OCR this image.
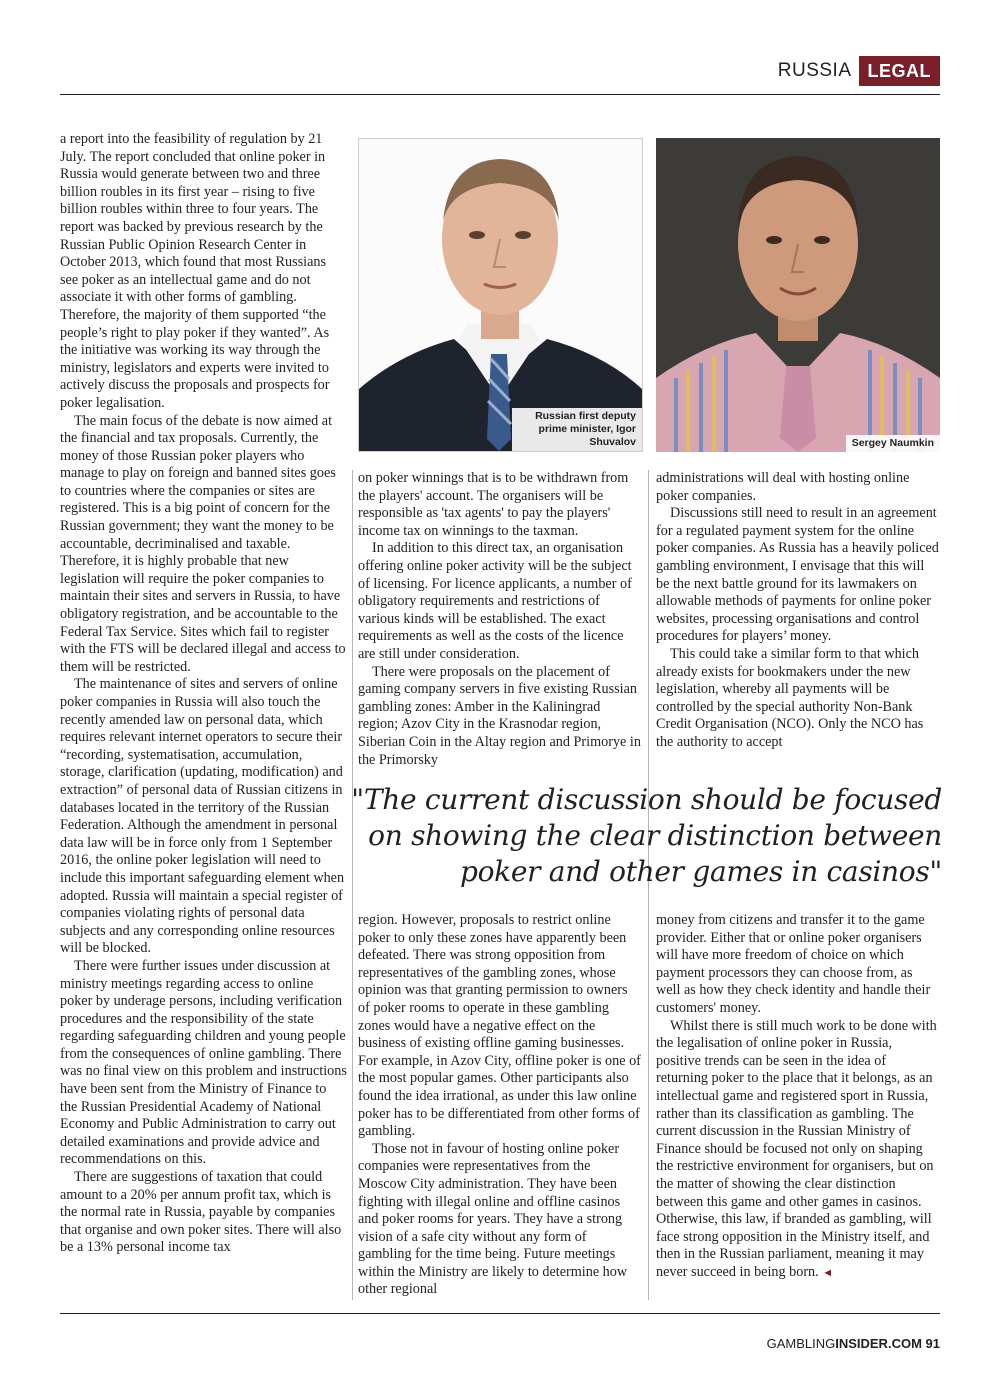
RUSSIA LEGAL

a report into the feasibility of regulation by 21 July. The report concluded that online poker in Russia would generate between two and three billion roubles in its first year – rising to five billion roubles within three to four years. The report was backed by previous research by the Russian Public Opinion Research Center in October 2013, which found that most Russians see poker as an intellectual game and do not associate it with other forms of gambling. Therefore, the majority of them supported “the people’s right to play poker if they wanted”. As the initiative was working its way through the ministry, legislators and experts were invited to actively discuss the proposals and prospects for poker legalisation.

The main focus of the debate is now aimed at the financial and tax proposals. Currently, the money of those Russian poker players who manage to play on foreign and banned sites goes to countries where the companies or sites are registered. This is a big point of concern for the Russian government; they want the money to be accountable, decriminalised and taxable. Therefore, it is highly probable that new legislation will require the poker companies to maintain their sites and servers in Russia, to have obligatory registration, and be accountable to the Federal Tax Service. Sites which fail to register with the FTS will be declared illegal and access to them will be restricted.

The maintenance of sites and servers of online poker companies in Russia will also touch the recently amended law on personal data, which requires relevant internet operators to secure their “recording, systematisation, accumulation, storage, clarification (updating, modification) and extraction” of personal data of Russian citizens in databases located in the territory of the Russian Federation. Although the amendment in personal data law will be in force only from 1 September 2016, the online poker legislation will need to include this important safeguarding element when adopted. Russia will maintain a special register of companies violating rights of personal data subjects and any corresponding online resources will be blocked.

There were further issues under discussion at ministry meetings regarding access to online poker by underage persons, including verification procedures and the responsibility of the state regarding safeguarding children and young people from the consequences of online gambling. There was no final view on this problem and instructions have been sent from the Ministry of Finance to the Russian Presidential Academy of National Economy and Public Administration to carry out detailed examinations and provide advice and recommendations on this.

There are suggestions of taxation that could amount to a 20% per annum profit tax, which is the normal rate in Russia, payable by companies that organise and own poker sites. There will also be a 13% personal income tax

Russian first deputy prime minister, Igor Shuvalov	Sergey Naumkin

on poker winnings that is to be withdrawn from the players' account. The organisers will be responsible as 'tax agents' to pay the players' income tax on winnings to the taxman.

In addition to this direct tax, an organisation offering online poker activity will be the subject of licensing. For licence applicants, a number of obligatory requirements and restrictions of various kinds will be established. The exact requirements as well as the costs of the licence are still under consideration.

There were proposals on the placement of gaming company servers in five existing Russian gambling zones: Amber in the Kaliningrad region; Azov City in the Krasnodar region, Siberian Coin in the Altay region and Primorye in the Primorsky

administrations will deal with hosting online poker companies.

Discussions still need to result in an agreement for a regulated payment system for the online poker companies. As Russia has a heavily policed gambling environment, I envisage that this will be the next battle ground for its lawmakers on allowable methods of payments for online poker websites, processing organisations and control procedures for players’ money.

This could take a similar form to that which already exists for bookmakers under the new legislation, whereby all payments will be controlled by the special authority Non-Bank Credit Organisation (NCO). Only the NCO has the authority to accept

"The current discussion should be focused on showing the clear distinction between poker and other games in casinos"

region. However, proposals to restrict online poker to only these zones have apparently been defeated. There was strong opposition from representatives of the gambling zones, whose opinion was that granting permission to owners of poker rooms to operate in these gambling zones would have a negative effect on the business of existing offline gaming businesses. For example, in Azov City, offline poker is one of the most popular games. Other participants also found the idea irrational, as under this law online poker has to be differentiated from other forms of gambling.

Those not in favour of hosting online poker companies were representatives from the Moscow City administration. They have been fighting with illegal online and offline casinos and poker rooms for years. They have a strong vision of a safe city without any form of gambling for the time being. Future meetings within the Ministry are likely to determine how other regional

money from citizens and transfer it to the game provider. Either that or online poker organisers will have more freedom of choice on which payment processors they can choose from, as well as how they check identity and handle their customers' money.

Whilst there is still much work to be done with the legalisation of online poker in Russia, positive trends can be seen in the idea of returning poker to the place that it belongs, as an intellectual game and registered sport in Russia, rather than its classification as gambling. The current discussion in the Russian Ministry of Finance should be focused not only on shaping the restrictive environment for organisers, but on the matter of showing the clear distinction between this game and other games in casinos. Otherwise, this law, if branded as gambling, will face strong opposition in the Ministry itself, and then in the Russian parliament, meaning it may never succeed in being born. ◄

GAMBLINGINSIDER.COM 91
